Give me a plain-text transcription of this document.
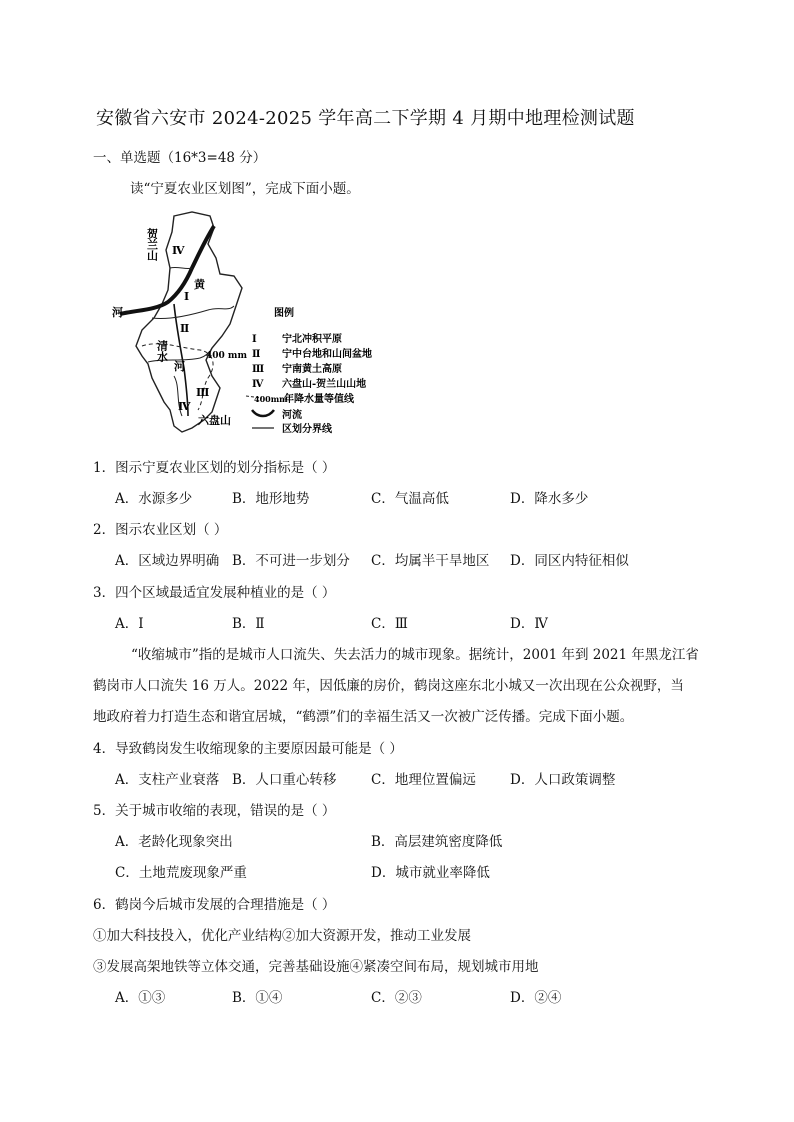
安徽省六安市 2024-2025 学年高二下学期 4 月期中地理检测试题
一、单选题（16*3=48 分）
读“宁夏农业区划图”，完成下面小题。
贺兰山 Ⅳ
黄
Ⅰ
河
Ⅱ
清水	400 mm
河
Ⅲ
Ⅳ
六盘山
图例
Ⅰ	宁北冲积平原
Ⅱ 宁中台地和山间盆地
Ⅲ 宁南黄土高原
Ⅳ 六盘山-贺兰山山地
400mm
年降水量等值线
河流
区划分界线
1．图示宁夏农业区划的划分指标是（ ）
A．水源多少	B．地形地势	C．气温高低	D．降水多少
2．图示农业区划（ ）
A．区域边界明确 B．不可进一步划分 C．均属半干旱地区 D．同区内特征相似
3．四个区域最适宜发展种植业的是（ ）
A．Ⅰ	B．Ⅱ	C．Ⅲ	D．Ⅳ
“收缩城市”指的是城市人口流失、失去活力的城市现象。据统计，2001 年到 2021 年黑龙江省
鹤岗市人口流失 16 万人。2022 年，因低廉的房价，鹤岗这座东北小城又一次出现在公众视野，当
地政府着力打造生态和谐宜居城，“鹤漂”们的幸福生活又一次被广泛传播。完成下面小题。
4．导致鹤岗发生收缩现象的主要原因最可能是（ ）
A．支柱产业衰落 B．人口重心转移	C．地理位置偏远	D．人口政策调整
5．关于城市收缩的表现，错误的是（ ）
A．老龄化现象突出	B．高层建筑密度降低
C．土地荒废现象严重	D．城市就业率降低
6．鹤岗今后城市发展的合理措施是（ ）
①加大科技投入，优化产业结构②加大资源开发，推动工业发展
③发展高架地铁等立体交通，完善基础设施④紧凑空间布局，规划城市用地
A．①③	B．①④	C．②③	D．②④
